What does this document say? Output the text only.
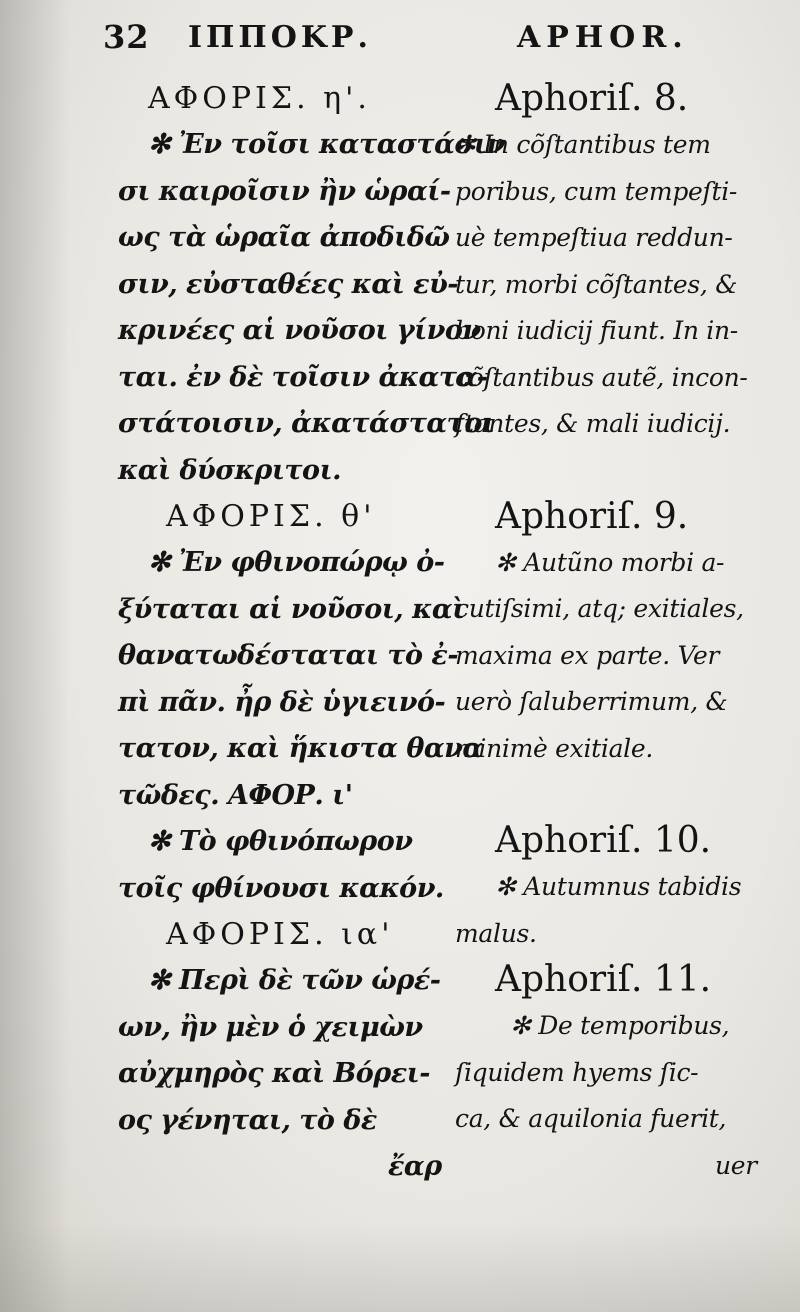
32 ΙΠΠΟΚΡ.	APHOR.
ΑΦΟΡΙΣ. η'.
✻ Ἐν τοῖσι καταστάσιν
σι καιροῖσιν ἢν ὡραί-
ως τὰ ὡραῖα ἀποδιδῶ
σιν, εὐσταθέες καὶ εὐ-
κρινέες αἱ νοῦσοι γίνον
ται. ἐν δὲ τοῖσιν ἀκατα-
στάτοισιν, ἀκατάστατοι
καὶ δύσκριτοι.
ΑΦΟΡΙΣ. θ'
✻ Ἐν φθινοπώρῳ ὀ-
ξύταται αἱ νοῦσοι, καὶ
θανατωδέσταται τὸ ἐ-
πὶ πᾶν. ἦρ δὲ ὑγιεινό-
τατον, καὶ ἥκιστα θανα
τῶδες. ΑΦΟΡ. ι'
✻ Τὸ φθινόπωρον
τοῖς φθίνουσι κακόν.
ΑΦΟΡΙΣ. ια'
✻ Περὶ δὲ τῶν ὡρέ-
ων, ἢν μὲν ὁ χειμὼν
αὐχμηρὸς καὶ Βόρει-
ος γένηται, τὸ δὲ
ἔαρ
Aphoriſ. 8.
✻ In cõſtantibus tem
poribus, cum tempeſti-
uè tempeſtiua reddun-
tur, morbi cõſtantes, &
boni iudicij fiunt. In in-
cõſtantibus autẽ, incon-
ſtantes, & mali iudicij.
Aphoriſ. 9.
✻ Autũno morbi a-
cutiſsimi, atq; exitiales,
maxima ex parte. Ver
uerò ſaluberrimum, &
minimè exitiale.
Aphoriſ. 10.
✻ Autumnus tabidis
malus.
Aphoriſ. 11.
✻ De temporibus,
ſiquidem hyems ſic-
ca, & aquilonia fuerit,
uer
